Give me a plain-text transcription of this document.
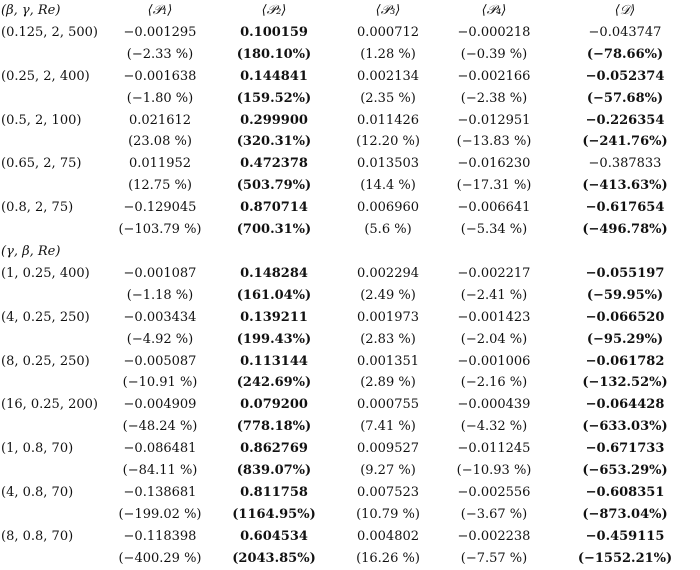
(β, γ, Re)	⟨𝒫₁⟩	⟨𝒫₂⟩	⟨𝒫₃⟩	⟨𝒫₄⟩	⟨𝒟⟩
(0.125, 2, 500)	−0.001295	0.100159	0.000712	−0.000218	−0.043747
	(−2.33 %)	(180.10%)	(1.28 %)	(−0.39 %)	(−78.66%)
(0.25, 2, 400)	−0.001638	0.144841	0.002134	−0.002166	−0.052374
	(−1.80 %)	(159.52%)	(2.35 %)	(−2.38 %)	(−57.68%)
(0.5, 2, 100)	0.021612	0.299900	0.011426	−0.012951	−0.226354
	(23.08 %)	(320.31%)	(12.20 %)	(−13.83 %)	(−241.76%)
(0.65, 2, 75)	0.011952	0.472378	0.013503	−0.016230	−0.387833
	(12.75 %)	(503.79%)	(14.4 %)	(−17.31 %)	(−413.63%)
(0.8, 2, 75)	−0.129045	0.870714	0.006960	−0.006641	−0.617654
	(−103.79 %)	(700.31%)	(5.6 %)	(−5.34 %)	(−496.78%)
(γ, β, Re)					
(1, 0.25, 400)	−0.001087	0.148284	0.002294	−0.002217	−0.055197
	(−1.18 %)	(161.04%)	(2.49 %)	(−2.41 %)	(−59.95%)
(4, 0.25, 250)	−0.003434	0.139211	0.001973	−0.001423	−0.066520
	(−4.92 %)	(199.43%)	(2.83 %)	(−2.04 %)	(−95.29%)
(8, 0.25, 250)	−0.005087	0.113144	0.001351	−0.001006	−0.061782
	(−10.91 %)	(242.69%)	(2.89 %)	(−2.16 %)	(−132.52%)
(16, 0.25, 200)	−0.004909	0.079200	0.000755	−0.000439	−0.064428
	(−48.24 %)	(778.18%)	(7.41 %)	(−4.32 %)	(−633.03%)
(1, 0.8, 70)	−0.086481	0.862769	0.009527	−0.011245	−0.671733
	(−84.11 %)	(839.07%)	(9.27 %)	(−10.93 %)	(−653.29%)
(4, 0.8, 70)	−0.138681	0.811758	0.007523	−0.002556	−0.608351
	(−199.02 %)	(1164.95%)	(10.79 %)	(−3.67 %)	(−873.04%)
(8, 0.8, 70)	−0.118398	0.604534	0.004802	−0.002238	−0.459115
	(−400.29 %)	(2043.85%)	(16.26 %)	(−7.57 %)	(−1552.21%)
